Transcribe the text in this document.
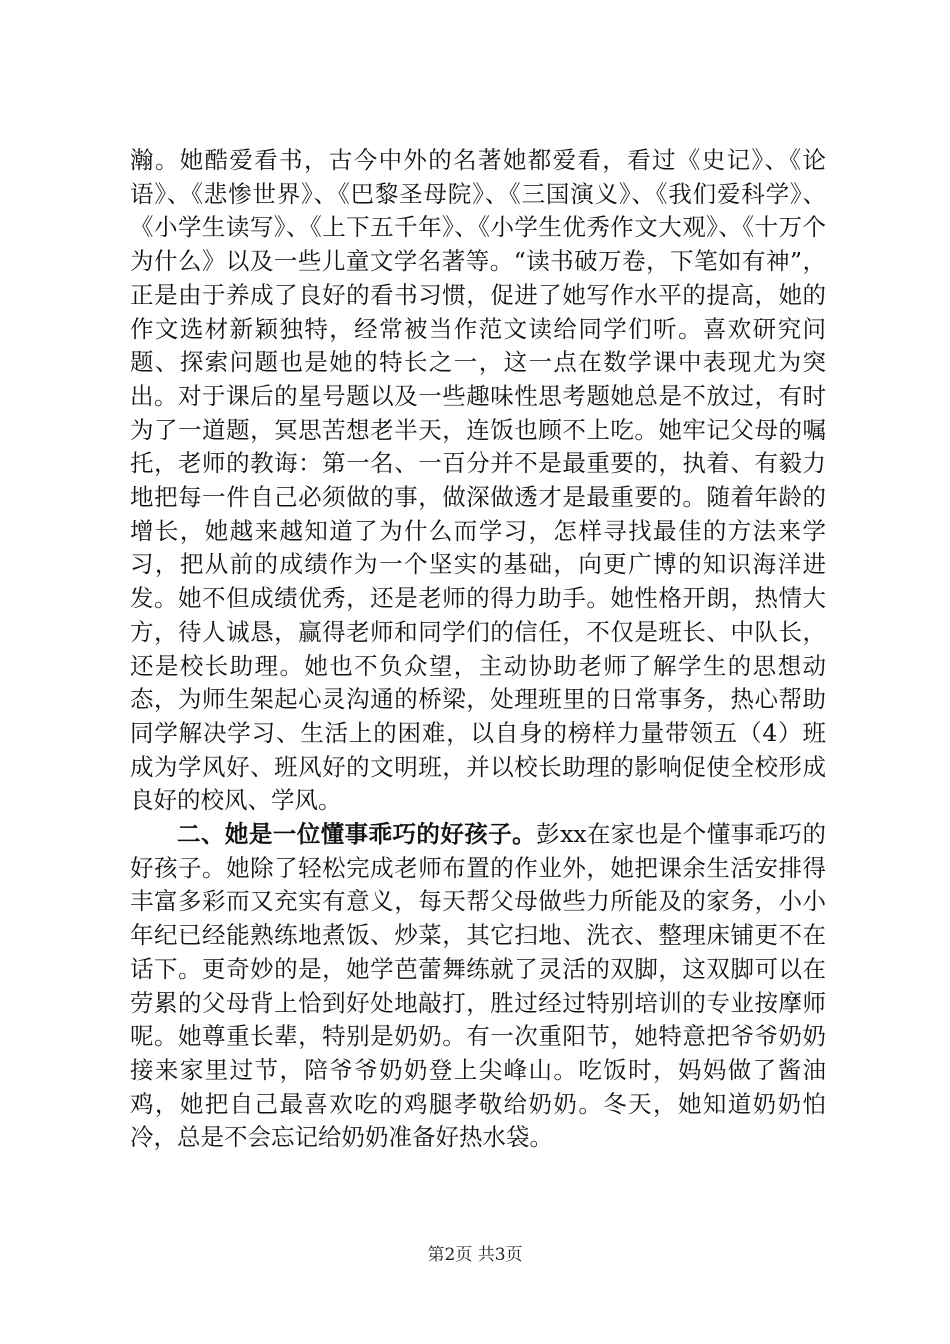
瀚。她酷爱看书，古今中外的名著她都爱看，看过《史记》、《论语》、《悲惨世界》、《巴黎圣母院》、《三国演义》、《我们爱科学》、《小学生读写》、《上下五千年》、《小学生优秀作文大观》、《十万个为什么》以及一些儿童文学名著等。“读书破万卷，下笔如有神”，正是由于养成了良好的看书习惯，促进了她写作水平的提高，她的作文选材新颖独特，经常被当作范文读给同学们听。喜欢研究问题、探索问题也是她的特长之一，这一点在数学课中表现尤为突出。对于课后的星号题以及一些趣味性思考题她总是不放过，有时为了一道题，冥思苦想老半天，连饭也顾不上吃。她牢记父母的嘱托，老师的教诲：第一名、一百分并不是最重要的，执着、有毅力地把每一件自己必须做的事，做深做透才是最重要的。随着年龄的增长，她越来越知道了为什么而学习，怎样寻找最佳的方法来学习，把从前的成绩作为一个坚实的基础，向更广博的知识海洋进发。她不但成绩优秀，还是老师的得力助手。她性格开朗，热情大方，待人诚恳，赢得老师和同学们的信任，不仅是班长、中队长，还是校长助理。她也不负众望，主动协助老师了解学生的思想动态，为师生架起心灵沟通的桥梁，处理班里的日常事务，热心帮助同学解决学习、生活上的困难，以自身的榜样力量带领五（4）班成为学风好、班风好的文明班，并以校长助理的影响促使全校形成良好的校风、学风。

二、她是一位懂事乖巧的好孩子。彭xx在家也是个懂事乖巧的好孩子。她除了轻松完成老师布置的作业外，她把课余生活安排得丰富多彩而又充实有意义，每天帮父母做些力所能及的家务，小小年纪已经能熟练地煮饭、炒菜，其它扫地、洗衣、整理床铺更不在话下。更奇妙的是，她学芭蕾舞练就了灵活的双脚，这双脚可以在劳累的父母背上恰到好处地敲打，胜过经过特别培训的专业按摩师呢。她尊重长辈，特别是奶奶。有一次重阳节，她特意把爷爷奶奶接来家里过节，陪爷爷奶奶登上尖峰山。吃饭时，妈妈做了酱油鸡，她把自己最喜欢吃的鸡腿孝敬给奶奶。冬天，她知道奶奶怕冷，总是不会忘记给奶奶准备好热水袋。

第2页 共3页
